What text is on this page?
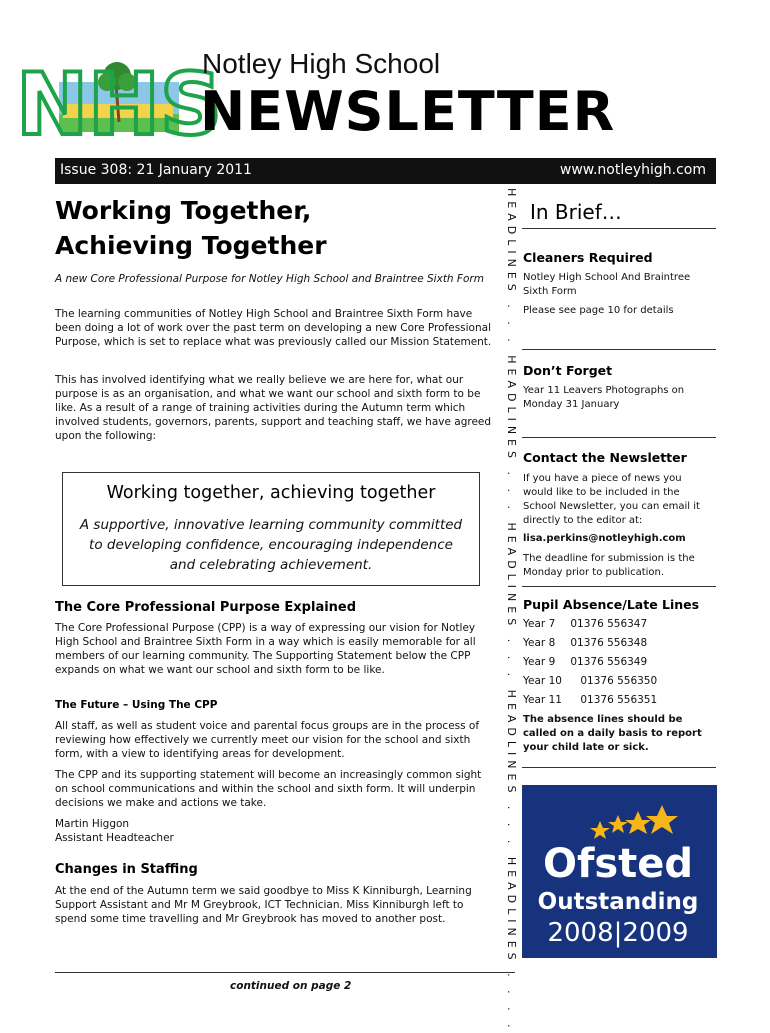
NHS
Notley High School
NEWSLETTER
Issue 308: 21 January 2011	www.notleyhigh.com
Working Together,
Achieving Together

A new Core Professional Purpose for Notley High School and Braintree Sixth Form

The learning communities of Notley High School and Braintree Sixth Form have been doing a lot of work over the past term on developing a new Core Professional Purpose, which is set to replace what was previously called our Mission Statement.

This has involved identifying what we really believe we are here for, what our purpose is as an organisation, and what we want our school and sixth form to be like. As a result of a range of training activities during the Autumn term which involved students, governors, parents, support and teaching staff, we have agreed upon the following:

Working together, achieving together
A supportive, innovative learning community committed to developing confidence, encouraging independence and celebrating achievement.
The Core Professional Purpose Explained

The Core Professional Purpose (CPP) is a way of expressing our vision for Notley High School and Braintree Sixth Form in a way which is easily memorable for all members of our learning community. The Supporting Statement below the CPP expands on what we want our school and sixth form to be like.

The Future – Using The CPP

All staff, as well as student voice and parental focus groups are in the process of reviewing how effectively we currently meet our vision for the school and sixth form, with a view to identifying areas for development.

The CPP and its supporting statement will become an increasingly common sight on school communications and within the school and sixth form. It will underpin decisions we make and actions we take.

Martin Higgon

Assistant Headteacher

Changes in Staffing

At the end of the Autumn term we said goodbye to Miss K Kinniburgh, Learning Support Assistant and Mr M Greybrook, ICT Technician. Miss Kinniburgh left to spend some time travelling and Mr Greybrook has moved to another post.

continued on page 2	HEADLINES . . . HEADLINES . . . HEADLINES . . . HEADLINES . . . HEADLINES . . . . In Brief…
Cleaners Required

Notley High School And Braintree Sixth Form

Please see page 10 for details

Don’t Forget

Year 11 Leavers Photographs on Monday 31 January

Contact the Newsletter

If you have a piece of news you would like to be included in the School Newsletter, you can email it directly to the editor at:

lisa.perkins@notleyhigh.com

The deadline for submission is the Monday prior to publication.

Pupil Absence/Late Lines
Year 7 01376 556347
Year 8 01376 556348
Year 9 01376 556349
Year 10 01376 556350
Year 11 01376 556351

The absence lines should be called on a daily basis to report your child late or sick.

Ofsted
Outstanding
2008|2009
